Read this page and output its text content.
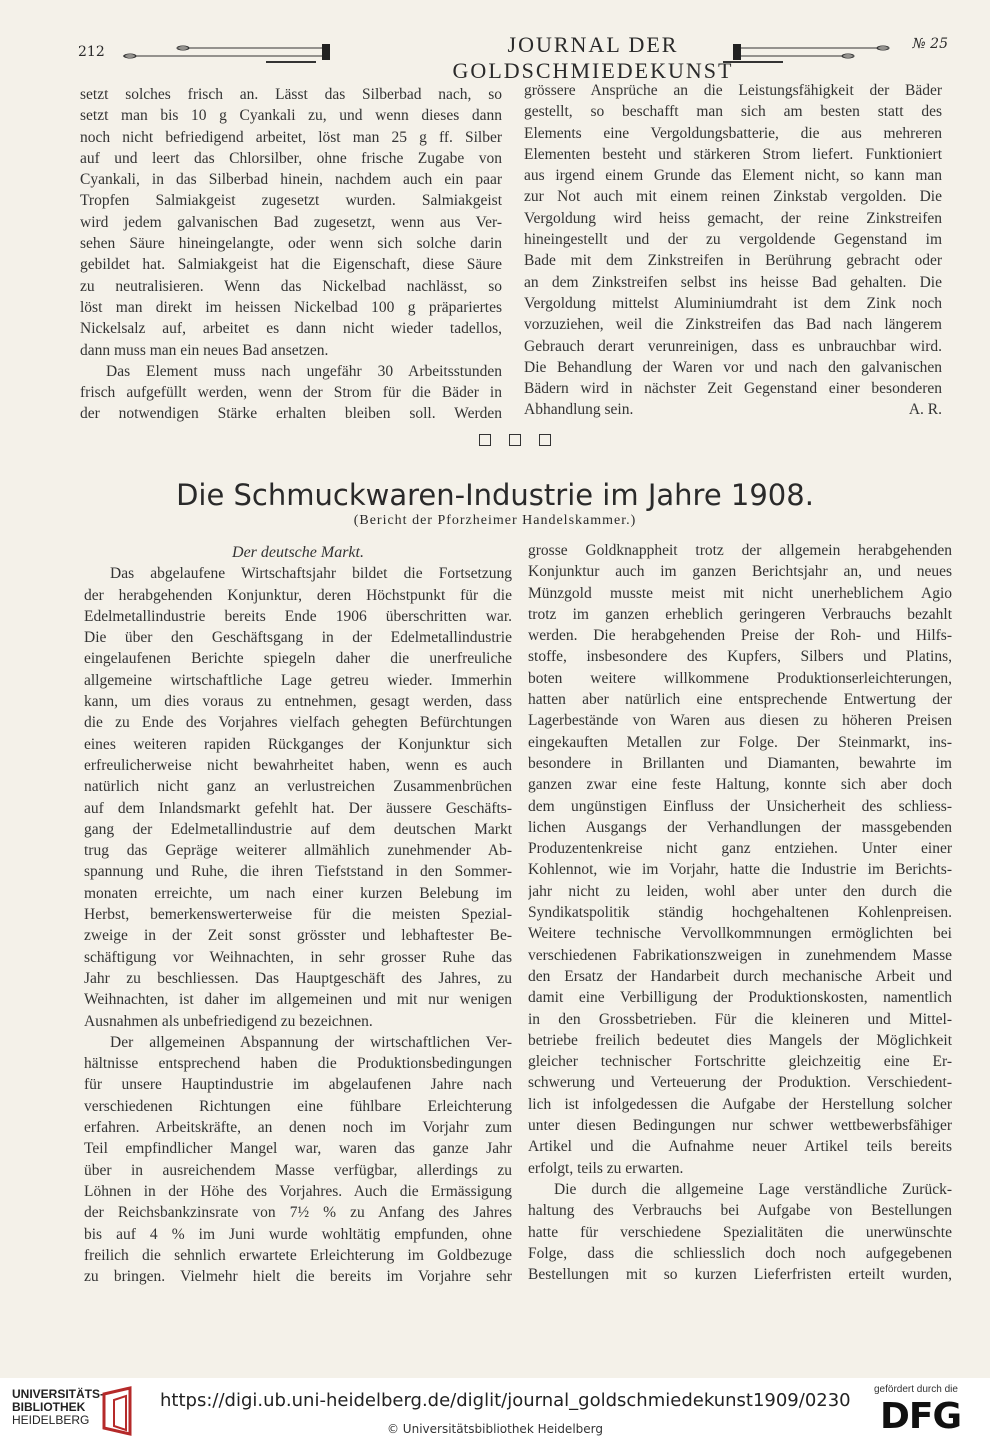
212	JOURNAL DER GOLDSCHMIEDEKUNST
№ 25
setzt solches frisch an. Lässt das Silberbad nach, so
setzt man bis 10 g Cyankali zu, und wenn dieses dann
noch nicht befriedigend arbeitet, löst man 25 g ff. Silber
auf und leert das Chlorsilber, ohne frische Zugabe von
Cyankali, in das Silberbad hinein, nachdem auch ein paar
Tropfen Salmiakgeist zugesetzt wurden. Salmiakgeist
wird jedem galvanischen Bad zugesetzt, wenn aus Ver-
sehen Säure hineingelangte, oder wenn sich solche darin
gebildet hat. Salmiakgeist hat die Eigenschaft, diese Säure
zu neutralisieren. Wenn das Nickelbad nachlässt, so
löst man direkt im heissen Nickelbad 100 g präpariertes
Nickelsalz auf, arbeitet es dann nicht wieder tadellos,
dann muss man ein neues Bad ansetzen.
Das Element muss nach ungefähr 30 Arbeitsstunden
frisch aufgefüllt werden, wenn der Strom für die Bäder in
der notwendigen Stärke erhalten bleiben soll. Werden
grössere Ansprüche an die Leistungsfähigkeit der Bäder
gestellt, so beschafft man sich am besten statt des
Elements eine Vergoldungsbatterie, die aus mehreren
Elementen besteht und stärkeren Strom liefert. Funktioniert
aus irgend einem Grunde das Element nicht, so kann man
zur Not auch mit einem reinen Zinkstab vergolden. Die
Vergoldung wird heiss gemacht, der reine Zinkstreifen
hineingestellt und der zu vergoldende Gegenstand im
Bade mit dem Zinkstreifen in Berührung gebracht oder
an dem Zinkstreifen selbst ins heisse Bad gehalten. Die
Vergoldung mittelst Aluminiumdraht ist dem Zink noch
vorzuziehen, weil die Zinkstreifen das Bad nach längerem
Gebrauch derart verunreinigen, dass es unbrauchbar wird.
Die Behandlung der Waren vor und nach den galvanischen
Bädern wird in nächster Zeit Gegenstand einer besonderen
Abhandlung sein.	A. R.
Die Schmuckwaren-Industrie im Jahre 1908.
(Bericht der Pforzheimer Handelskammer.)
Der deutsche Markt.
Das abgelaufene Wirtschaftsjahr bildet die Fortsetzung
der herabgehenden Konjunktur, deren Höchstpunkt für die
Edelmetallindustrie bereits Ende 1906 überschritten war.
Die über den Geschäftsgang in der Edelmetallindustrie
eingelaufenen Berichte spiegeln daher die unerfreuliche
allgemeine wirtschaftliche Lage getreu wieder. Immerhin
kann, um dies voraus zu entnehmen, gesagt werden, dass
die zu Ende des Vorjahres vielfach gehegten Befürchtungen
eines weiteren rapiden Rückganges der Konjunktur sich
erfreulicherweise nicht bewahrheitet haben, wenn es auch
natürlich nicht ganz an verlustreichen Zusammenbrüchen
auf dem Inlandsmarkt gefehlt hat. Der äussere Geschäfts-
gang der Edelmetallindustrie auf dem deutschen Markt
trug das Gepräge weiterer allmählich zunehmender Ab-
spannung und Ruhe, die ihren Tiefststand in den Sommer-
monaten erreichte, um nach einer kurzen Belebung im
Herbst, bemerkenswerterweise für die meisten Spezial-
zweige in der Zeit sonst grösster und lebhaftester Be-
schäftigung vor Weihnachten, in sehr grosser Ruhe das
Jahr zu beschliessen. Das Hauptgeschäft des Jahres, zu
Weihnachten, ist daher im allgemeinen und mit nur wenigen
Ausnahmen als unbefriedigend zu bezeichnen.
Der allgemeinen Abspannung der wirtschaftlichen Ver-
hältnisse entsprechend haben die Produktionsbedingungen
für unsere Hauptindustrie im abgelaufenen Jahre nach
verschiedenen Richtungen eine fühlbare Erleichterung
erfahren. Arbeitskräfte, an denen noch im Vorjahr zum
Teil empfindlicher Mangel war, waren das ganze Jahr
über in ausreichendem Masse verfügbar, allerdings zu
Löhnen in der Höhe des Vorjahres. Auch die Ermässigung
der Reichsbankzinsrate von 7½ % zu Anfang des Jahres
bis auf 4 % im Juni wurde wohltätig empfunden, ohne
freilich die sehnlich erwartete Erleichterung im Goldbezuge
zu bringen. Vielmehr hielt die bereits im Vorjahre sehr
grosse Goldknappheit trotz der allgemein herabgehenden
Konjunktur auch im ganzen Berichtsjahr an, und neues
Münzgold musste meist mit nicht unerheblichem Agio
trotz im ganzen erheblich geringeren Verbrauchs bezahlt
werden. Die herabgehenden Preise der Roh- und Hilfs-
stoffe, insbesondere des Kupfers, Silbers und Platins,
boten weitere willkommene Produktionserleichterungen,
hatten aber natürlich eine entsprechende Entwertung der
Lagerbestände von Waren aus diesen zu höheren Preisen
eingekauften Metallen zur Folge. Der Steinmarkt, ins-
besondere in Brillanten und Diamanten, bewahrte im
ganzen zwar eine feste Haltung, konnte sich aber doch
dem ungünstigen Einfluss der Unsicherheit des schliess-
lichen Ausgangs der Verhandlungen der massgebenden
Produzentenkreise nicht ganz entziehen. Unter einer
Kohlennot, wie im Vorjahr, hatte die Industrie im Berichts-
jahr nicht zu leiden, wohl aber unter den durch die
Syndikatspolitik ständig hochgehaltenen Kohlenpreisen.
Weitere technische Vervollkommnungen ermöglichten bei
verschiedenen Fabrikationszweigen in zunehmendem Masse
den Ersatz der Handarbeit durch mechanische Arbeit und
damit eine Verbilligung der Produktionskosten, namentlich
in den Grossbetrieben. Für die kleineren und Mittel-
betriebe freilich bedeutet dies Mangels der Möglichkeit
gleicher technischer Fortschritte gleichzeitig eine Er-
schwerung und Verteuerung der Produktion. Verschiedent-
lich ist infolgedessen die Aufgabe der Herstellung solcher
unter diesen Bedingungen nur schwer wettbewerbsfähiger
Artikel und die Aufnahme neuer Artikel teils bereits
erfolgt, teils zu erwarten.
Die durch die allgemeine Lage verständliche Zurück-
haltung des Verbrauchs bei Aufgabe von Bestellungen
hatte für verschiedene Spezialitäten die unerwünschte
Folge, dass die schliesslich doch noch aufgegebenen
Bestellungen mit so kurzen Lieferfristen erteilt wurden,
UNIVERSITÄTS-
BIBLIOTHEK
HEIDELBERG
https://digi.ub.uni-heidelberg.de/diglit/journal_goldschmiedekunst1909/0230
© Universitätsbibliothek Heidelberg
gefördert durch die
DFG
